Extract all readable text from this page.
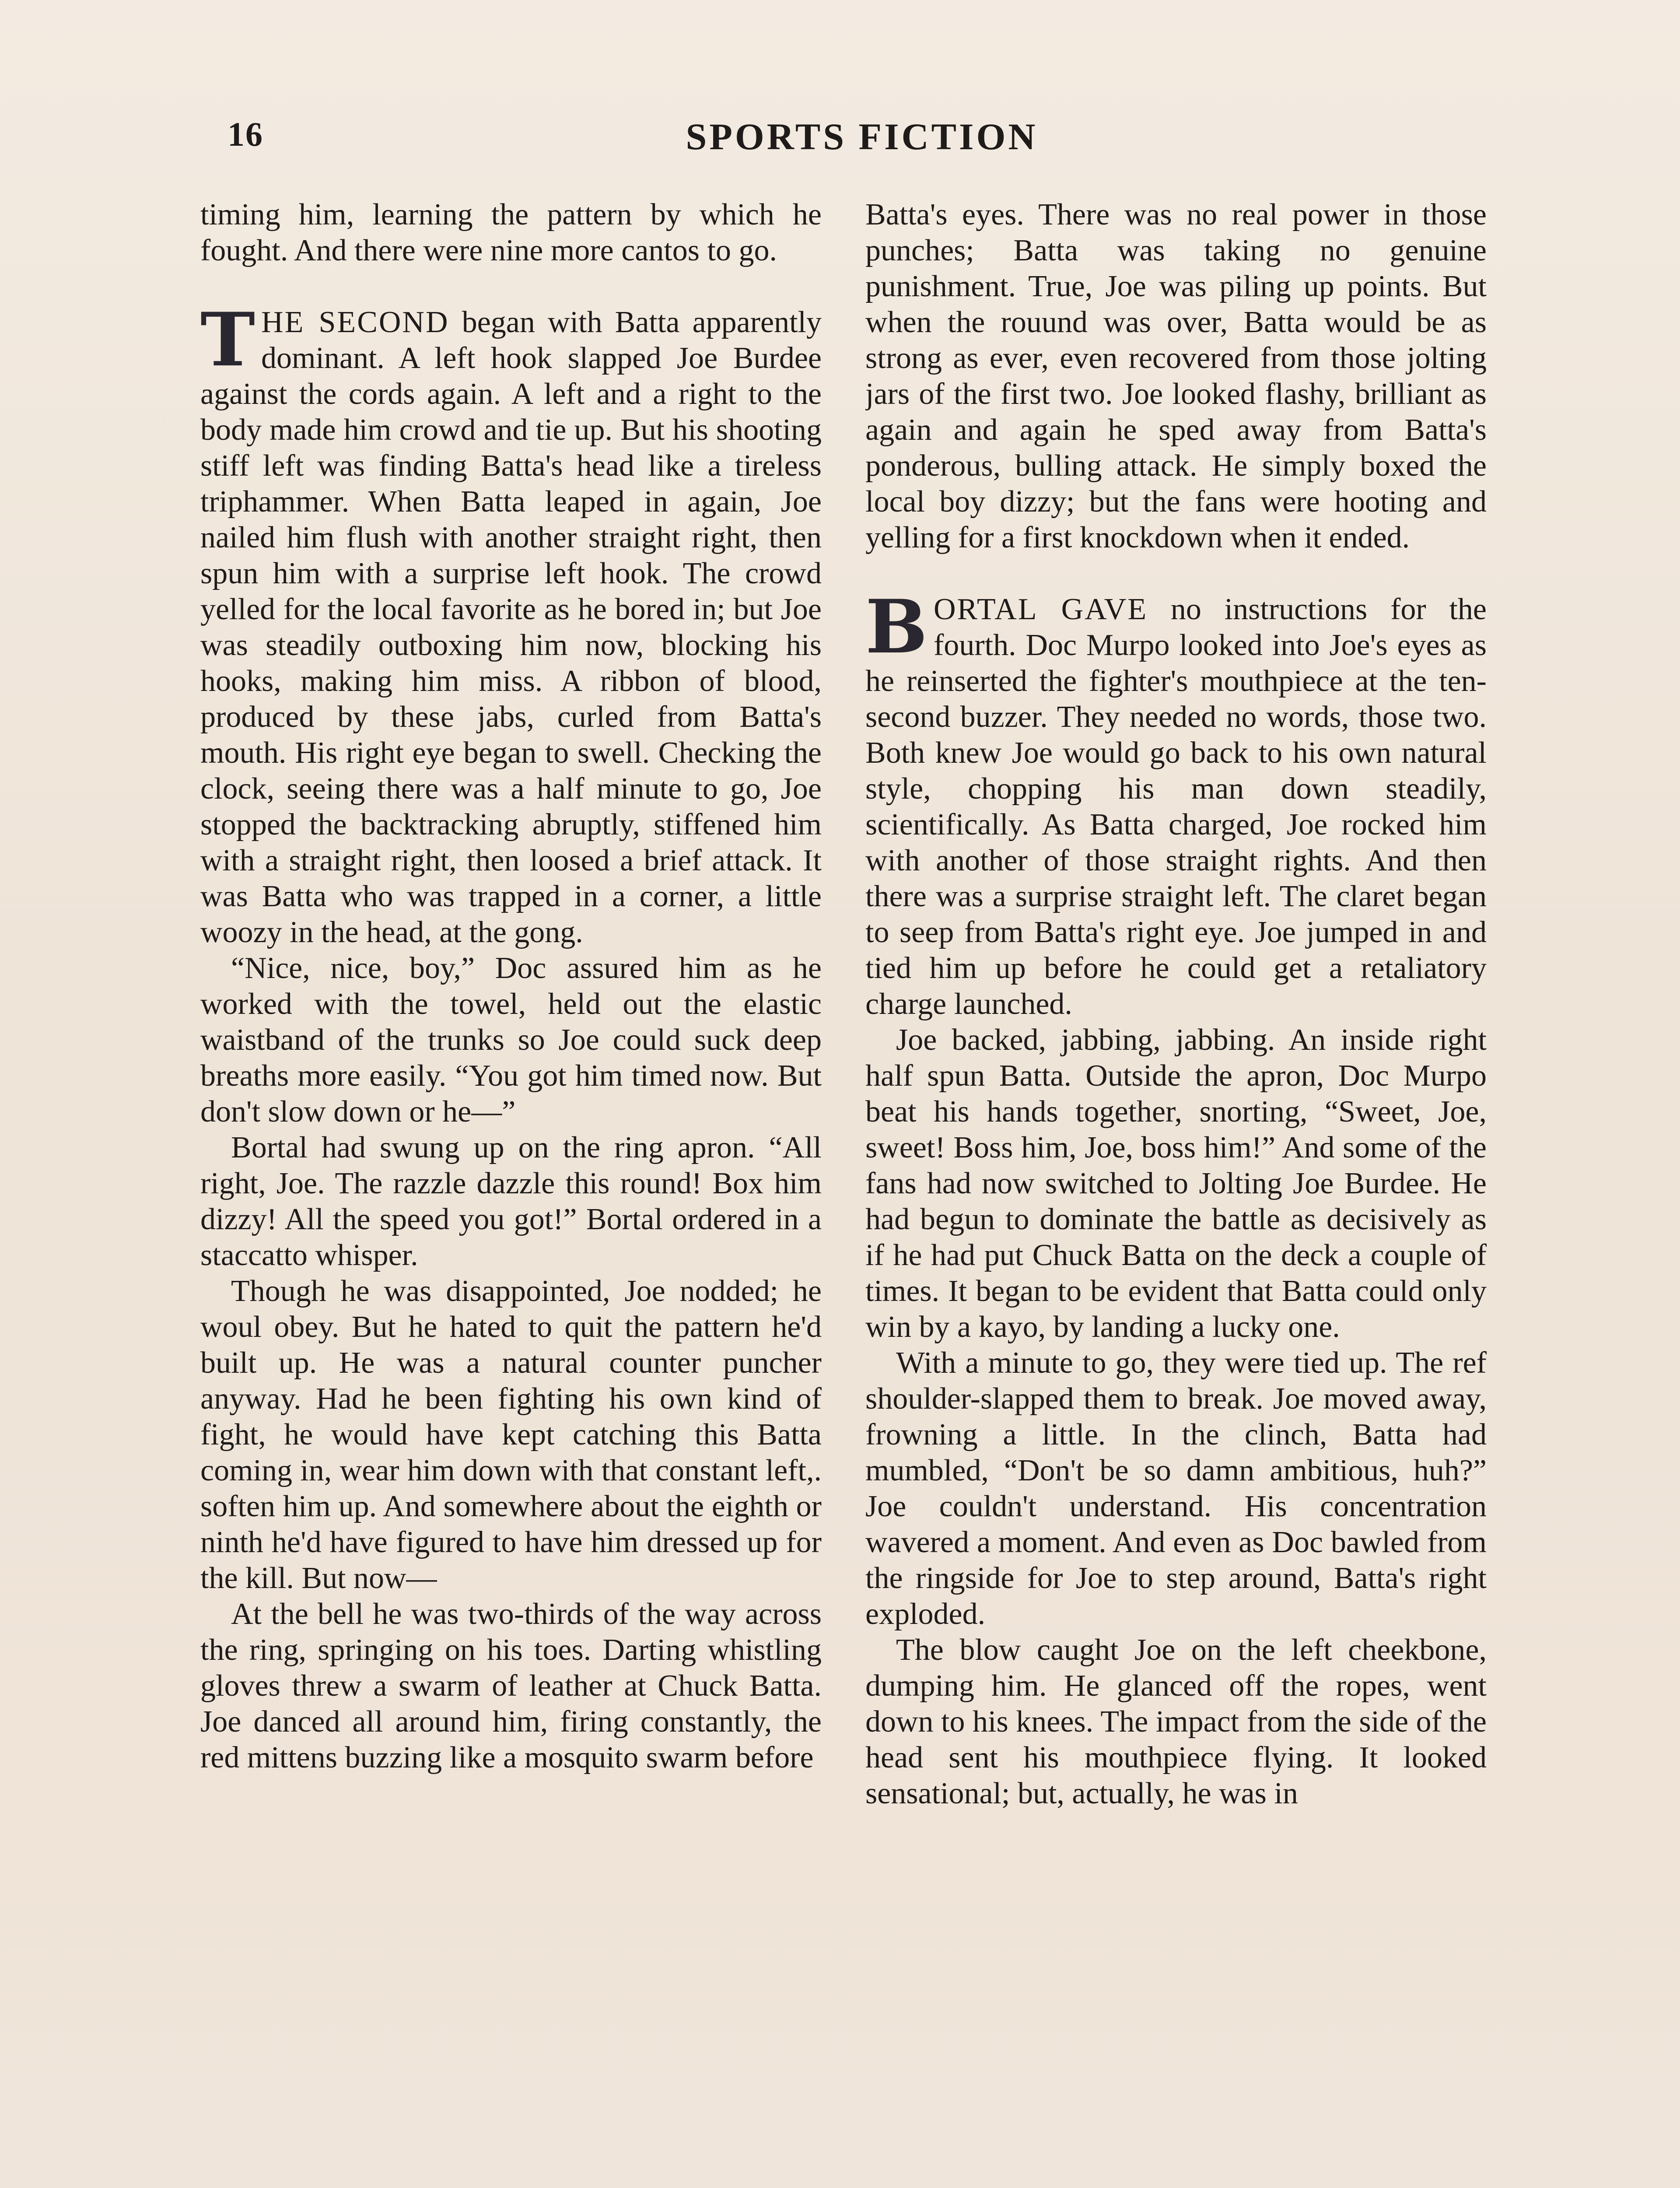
16	SPORTS FICTION

timing him, learning the pattern by which he fought. And there were nine more cantos to go.

THE SECOND began with Batta apparently dominant. A left hook slapped Joe Burdee against the cords again. A left and a right to the body made him crowd and tie up. But his shooting stiff left was finding Batta's head like a tireless triphammer. When Batta leaped in again, Joe nailed him flush with another straight right, then spun him with a surprise left hook. The crowd yelled for the local favorite as he bored in; but Joe was steadily outboxing him now, blocking his hooks, making him miss. A ribbon of blood, produced by these jabs, curled from Batta's mouth. His right eye began to swell. Checking the clock, seeing there was a half minute to go, Joe stopped the backtracking abruptly, stiffened him with a straight right, then loosed a brief attack. It was Batta who was trapped in a corner, a little woozy in the head, at the gong.

“Nice, nice, boy,” Doc assured him as he worked with the towel, held out the elastic waistband of the trunks so Joe could suck deep breaths more easily. “You got him timed now. But don't slow down or he—”

Bortal had swung up on the ring apron. “All right, Joe. The razzle dazzle this round! Box him dizzy! All the speed you got!” Bortal ordered in a staccatto whisper.

Though he was disappointed, Joe nodded; he woul obey. But he hated to quit the pattern he'd built up. He was a natural counter puncher anyway. Had he been fighting his own kind of fight, he would have kept catching this Batta coming in, wear him down with that constant left,. soften him up. And somewhere about the eighth or ninth he'd have figured to have him dressed up for the kill. But now—

At the bell he was two-thirds of the way across the ring, springing on his toes. Darting whistling gloves threw a swarm of leather at Chuck Batta. Joe danced all around him, firing constantly, the red mittens buzzing like a mosquito swarm before

Batta's eyes. There was no real power in those punches; Batta was taking no genuine punishment. True, Joe was piling up points. But when the rouund was over, Batta would be as strong as ever, even recovered from those jolting jars of the first two. Joe looked flashy, brilliant as again and again he sped away from Batta's ponderous, bulling attack. He simply boxed the local boy dizzy; but the fans were hooting and yelling for a first knockdown when it ended.

BORTAL GAVE no instructions for the fourth. Doc Murpo looked into Joe's eyes as he reinserted the fighter's mouthpiece at the ten-second buzzer. They needed no words, those two. Both knew Joe would go back to his own natural style, chopping his man down steadily, scientifically. As Batta charged, Joe rocked him with another of those straight rights. And then there was a surprise straight left. The claret began to seep from Batta's right eye. Joe jumped in and tied him up before he could get a retaliatory charge launched.

Joe backed, jabbing, jabbing. An inside right half spun Batta. Outside the apron, Doc Murpo beat his hands together, snorting, “Sweet, Joe, sweet! Boss him, Joe, boss him!” And some of the fans had now switched to Jolting Joe Burdee. He had begun to dominate the battle as decisively as if he had put Chuck Batta on the deck a couple of times. It began to be evident that Batta could only win by a kayo, by landing a lucky one.

With a minute to go, they were tied up. The ref shoulder-slapped them to break. Joe moved away, frowning a little. In the clinch, Batta had mumbled, “Don't be so damn ambitious, huh?” Joe couldn't understand. His concentration wavered a moment. And even as Doc bawled from the ringside for Joe to step around, Batta's right exploded.

The blow caught Joe on the left cheekbone, dumping him. He glanced off the ropes, went down to his knees. The impact from the side of the head sent his mouthpiece flying. It looked sensational; but, actually, he was in
